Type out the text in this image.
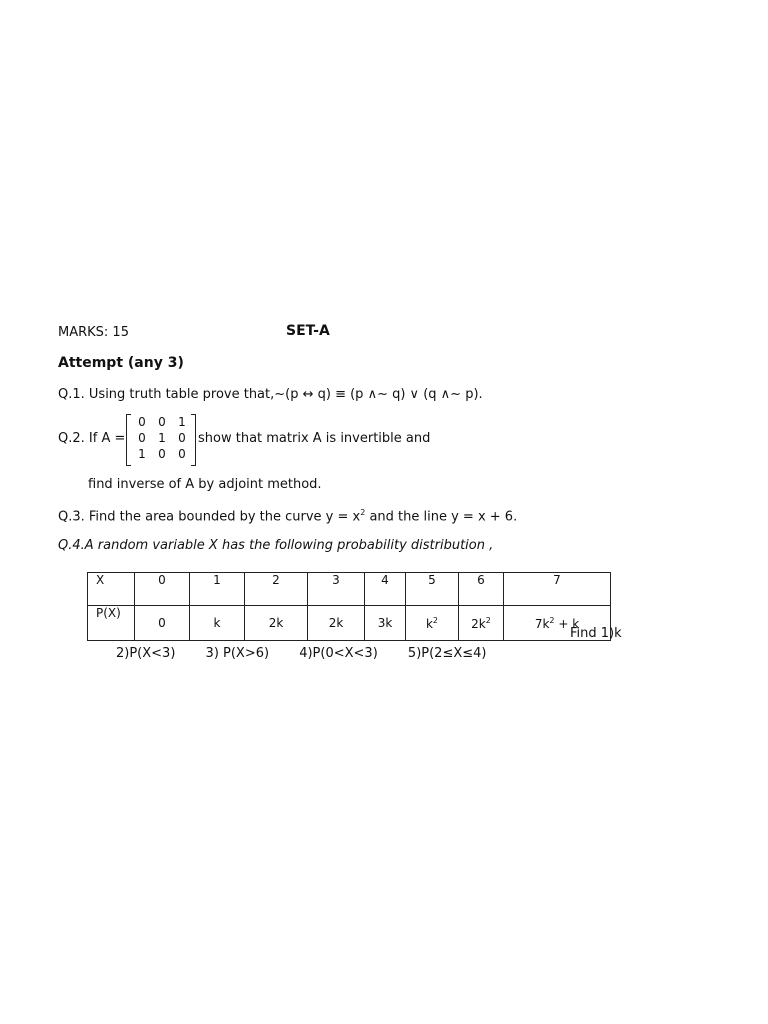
MARKS: 15	SET-A
Attempt (any 3)
Q.1. Using truth table prove that,~(p ↔ q) ≡ (p ∧~ q) ∨ (q ∧~ p).
Q.2. If A =
0	0	1
0	1	0
1	0	0
show that matrix A is invertible and
find inverse of A by adjoint method.
Q.3. Find the area bounded by the curve $y = x^2$ and the line y = x + 6.
Q.4.A random variable X has the following probability distribution ,
X	0	1	2	3	4	5	6	7
P(X)	0	k	2k	2k	3k	$k^2$	$2k^2$	$7k^2 + k$
Find 1)k
2)P(X<3) 3) P(X>6) 4)P(0<X<3) 5)P(2≤X≤4)
